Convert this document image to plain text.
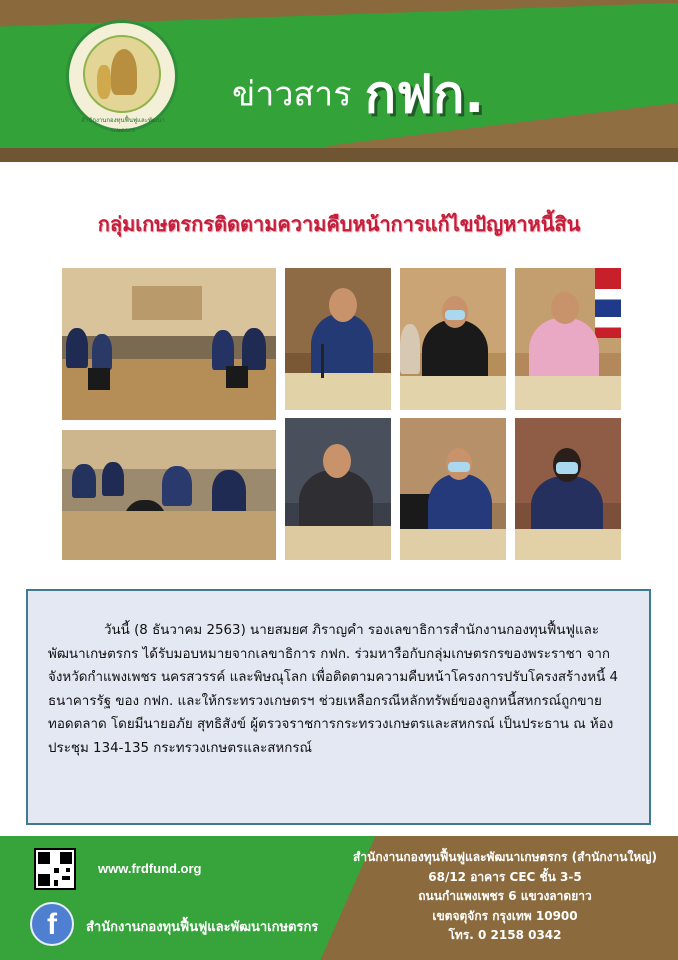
สำนักงานกองทุนฟื้นฟูและพัฒนาเกษตรกร
ข่าวสาร กฟก.
กลุ่มเกษตรกรติดตามความคืบหน้าการแก้ไขปัญหาหนี้สิน

วันนี้ (8 ธันวาคม 2563) นายสมยศ ภิราญคำ รองเลขาธิการสำนักงานกองทุนฟื้นฟูและพัฒนาเกษตรกร ได้รับมอบหมายจากเลขาธิการ กฟก. ร่วมหารือกับกลุ่มเกษตรกรของพระราชา จากจังหวัดกำแพงเพชร นครสวรรค์ และพิษณุโลก เพื่อติดตามความคืบหน้าโครงการปรับโครงสร้างหนี้ 4 ธนาคารรัฐ ของ กฟก. และให้กระทรวงเกษตรฯ ช่วยเหลือกรณีหลักทรัพย์ของลูกหนี้สหกรณ์ถูกขายทอดตลาด โดยมีนายอภัย สุทธิสังข์ ผู้ตรวจราชการกระทรวงเกษตรและสหกรณ์ เป็นประธาน ณ ห้องประชุม 134-135 กระทรวงเกษตรและสหกรณ์

www.frdfund.org
f	สำนักงานกองทุนฟื้นฟูและพัฒนาเกษตรกร
สำนักงานกองทุนฟื้นฟูและพัฒนาเกษตรกร (สำนักงานใหญ่)
68/12 อาคาร CEC ชั้น 3-5
ถนนกำแพงเพชร 6 แขวงลาดยาว
เขตจตุจักร กรุงเทพ 10900
โทร. 0 2158 0342
